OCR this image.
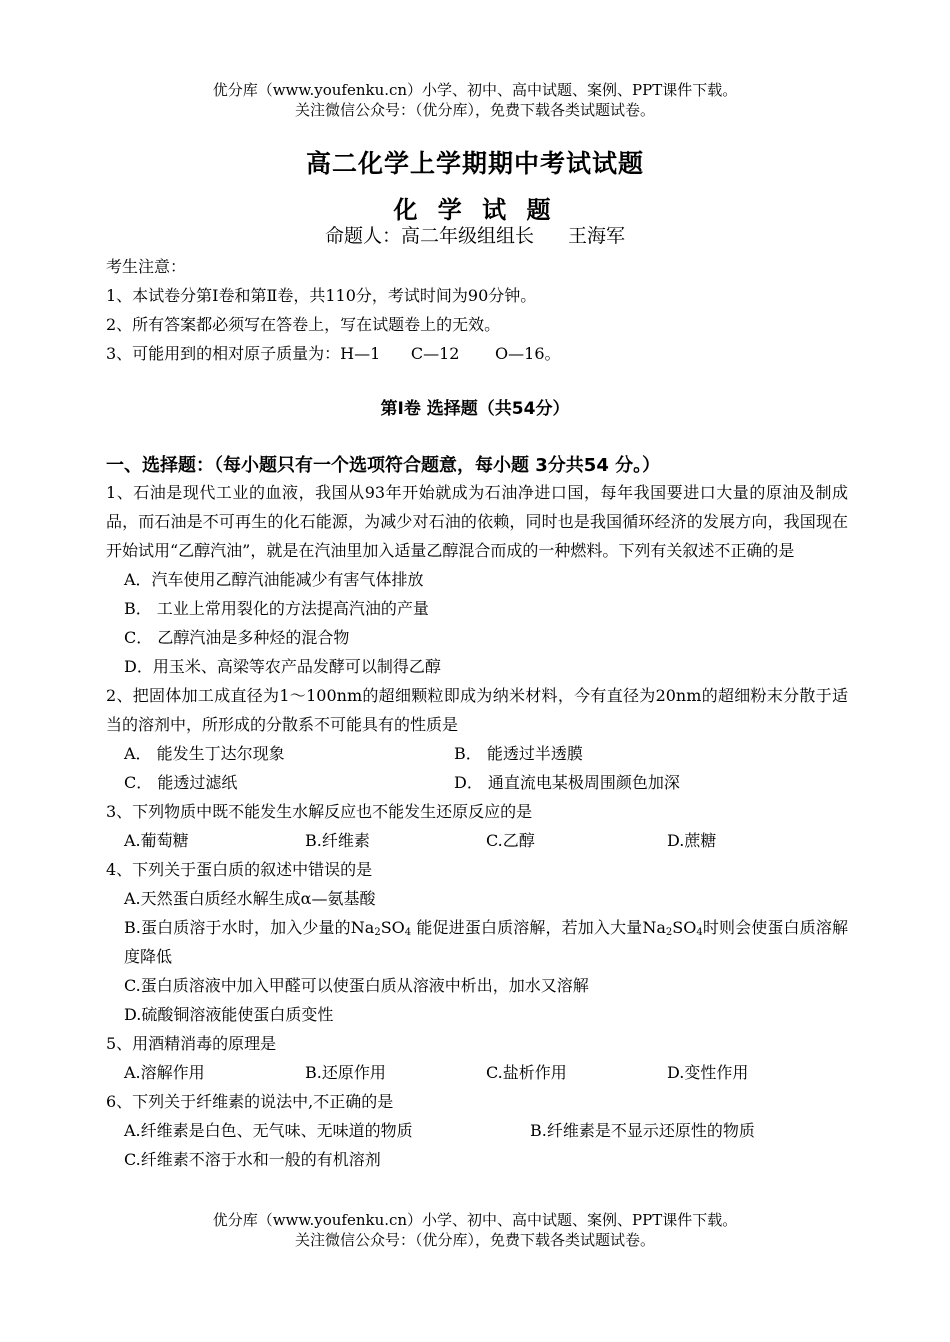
优分库（www.youfenku.cn）小学、初中、高中试题、案例、PPT课件下载。
关注微信公众号：（优分库），免费下载各类试题试卷。
高二化学上学期期中考试试题
化 学 试 题
命题人：高二年级组组长 王海军
考生注意：
1、本试卷分第Ⅰ卷和第Ⅱ卷，共110分，考试时间为90分钟。
2、所有答案都必须写在答卷上，写在试题卷上的无效。
3、可能用到的相对原子质量为：H—1      C—12       O—16。
第Ⅰ卷 选择题（共54分）
一、选择题：（每小题只有一个选项符合题意，每小题 3分共54 分。）
1、石油是现代工业的血液，我国从93年开始就成为石油净进口国，每年我国要进口大量的原油及制成品，而石油是不可再生的化石能源，为减少对石油的依赖，同时也是我国循环经济的发展方向，我国现在开始试用“乙醇汽油”，就是在汽油里加入适量乙醇混合而成的一种燃料。下列有关叙述不正确的是
A．汽车使用乙醇汽油能减少有害气体排放
B． 工业上常用裂化的方法提高汽油的产量
C． 乙醇汽油是多种烃的混合物
D．用玉米、高梁等农产品发酵可以制得乙醇
2、把固体加工成直径为1～100nm的超细颗粒即成为纳米材料，今有直径为20nm的超细粉末分散于适当的溶剂中，所形成的分散系不可能具有的性质是
A． 能发生丁达尔现象	B． 能透过半透膜
C． 能透过滤纸	D． 通直流电某极周围颜色加深
3、下列物质中既不能发生水解反应也不能发生还原反应的是
A.葡萄糖	B.纤维素	C.乙醇	D.蔗糖
4、下列关于蛋白质的叙述中错误的是
A.天然蛋白质经水解生成α—氨基酸
B.蛋白质溶于水时，加入少量的$Na_2SO_4$ 能促进蛋白质溶解，若加入大量$Na_2SO_4$时则会使蛋白质溶解度降低
C.蛋白质溶液中加入甲醛可以使蛋白质从溶液中析出，加水又溶解
D.硫酸铜溶液能使蛋白质变性
5、用酒精消毒的原理是
A.溶解作用	B.还原作用	C.盐析作用	D.变性作用
6、下列关于纤维素的说法中,不正确的是
A.纤维素是白色、无气味、无味道的物质	B.纤维素是不显示还原性的物质
C.纤维素不溶于水和一般的有机溶剂
优分库（www.youfenku.cn）小学、初中、高中试题、案例、PPT课件下载。
关注微信公众号：（优分库），免费下载各类试题试卷。
